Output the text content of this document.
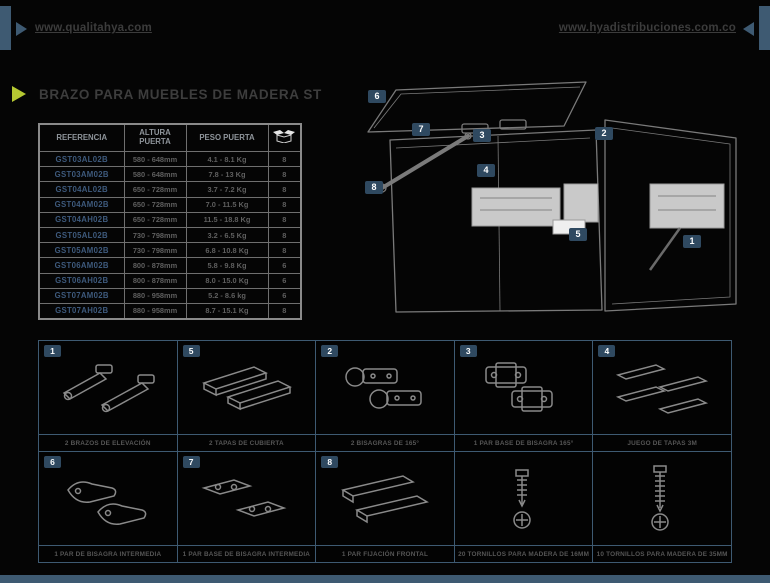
www.qualitahya.com	www.hyadistribuciones.com.co
BRAZO PARA MUEBLES DE MADERA ST
REFERENCIA	ALTURA PUERTA	PESO PUERTA	
GST03AL02B	580 - 648mm	4.1 - 8.1 Kg	8
GST03AM02B	580 - 648mm	7.8 - 13 Kg	8
GST04AL02B	650 - 728mm	3.7 - 7.2 Kg	8
GST04AM02B	650 - 728mm	7.0 - 11.5 Kg	8
GST04AH02B	650 - 728mm	11.5 - 18.8 Kg	8
GST05AL02B	730 - 798mm	3.2 - 6.5 Kg	8
GST05AM02B	730 - 798mm	6.8 - 10.8 Kg	8
GST06AM02B	800 - 878mm	5.8 - 9.8 Kg	6
GST06AH02B	800 - 878mm	8.0 - 15.0 Kg	6
GST07AM02B	880 - 958mm	5.2 - 8.6 kg	6
GST07AH02B	880 - 958mm	8.7 - 15.1 Kg	8
6
7
3	2
4
8
5
1
1
2 BRAZOS DE ELEVACIÓN
5
2 TAPAS DE CUBIERTA
2
2 BISAGRAS DE 165°
3
1 PAR BASE DE BISAGRA 165°
4
JUEGO DE TAPAS 3M
6
1 PAR DE BISAGRA INTERMEDIA
7
1 PAR BASE DE BISAGRA INTERMEDIA
8
1 PAR FIJACIÓN FRONTAL	20 TORNILLOS PARA MADERA DE 16MM	10 TORNILLOS PARA MADERA DE 35MM
